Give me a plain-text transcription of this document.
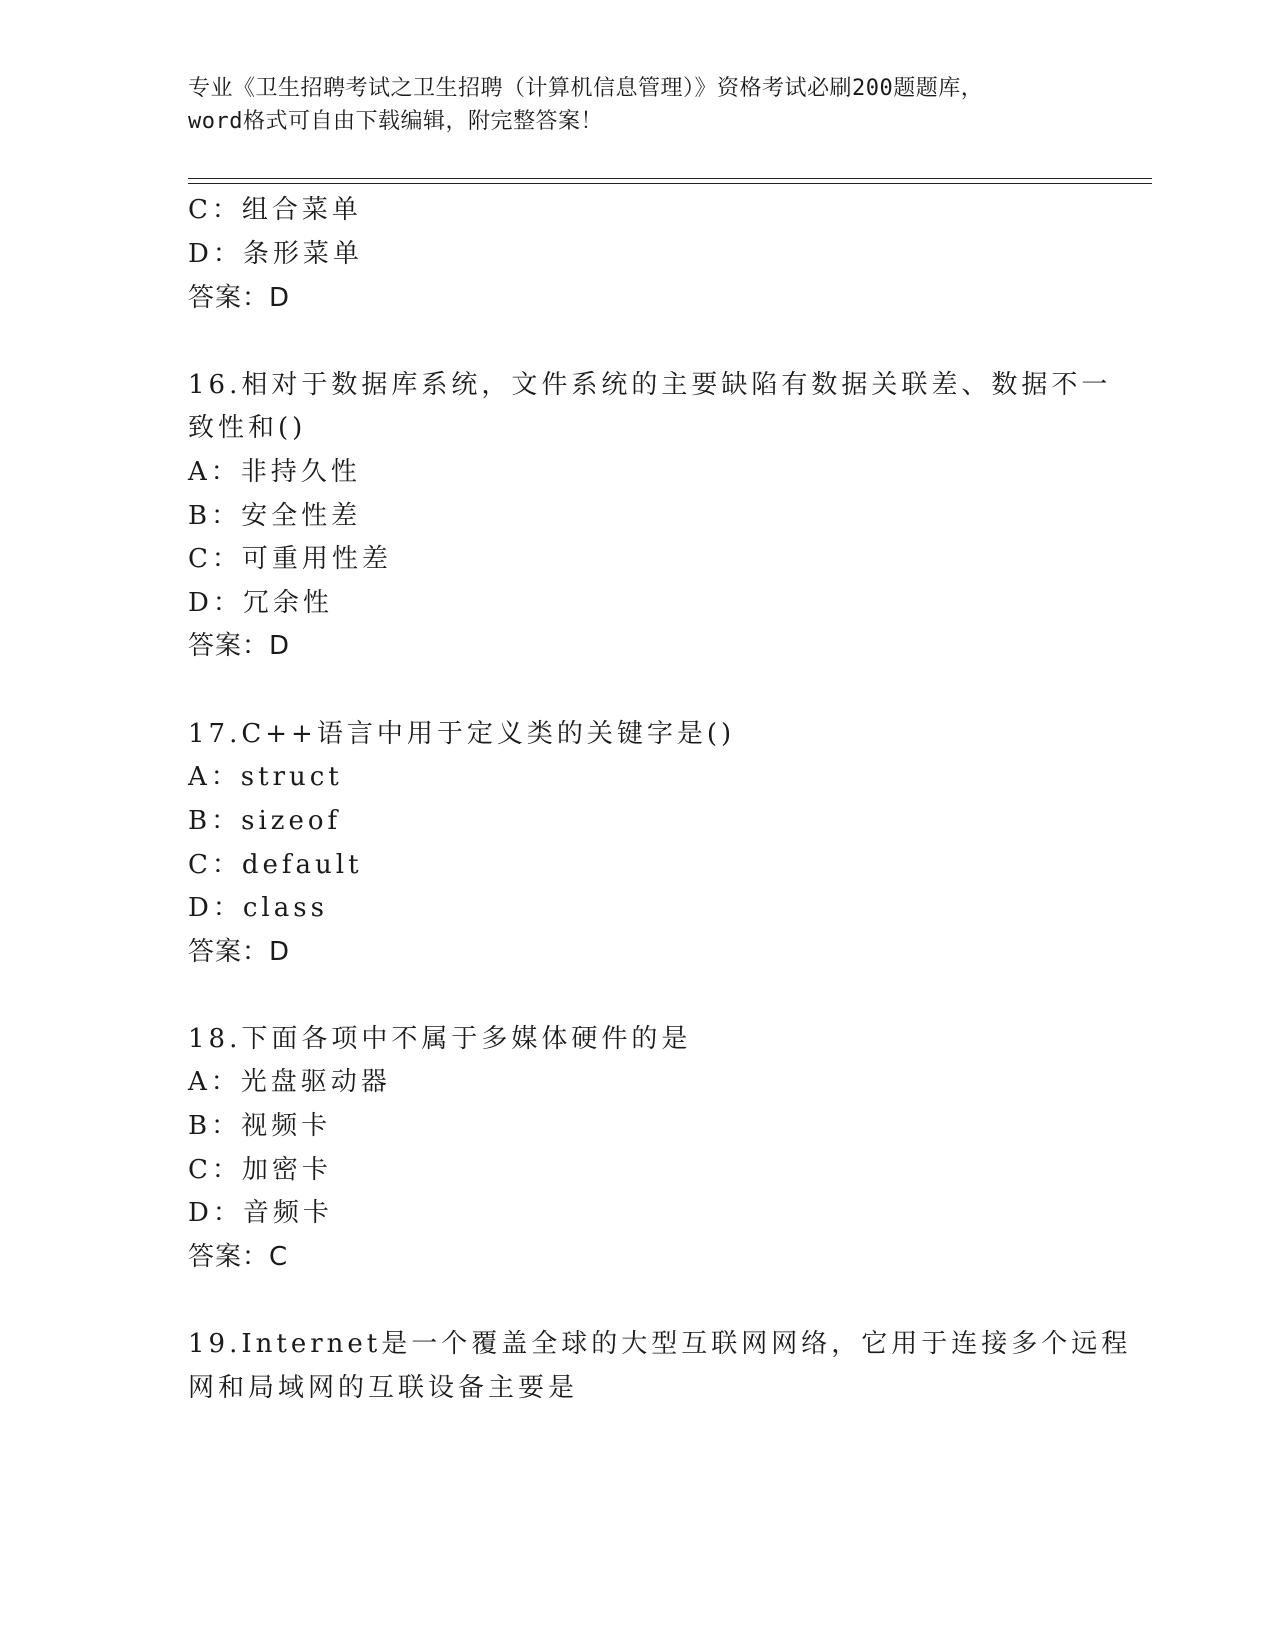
专业《卫生招聘考试之卫生招聘（计算机信息管理）》资格考试必刷200题题库，
word格式可自由下载编辑，附完整答案！
C：组合菜单
D：条形菜单
答案：D
16.相对于数据库系统，文件系统的主要缺陷有数据关联差、数据不一
致性和()
A：非持久性
B：安全性差
C：可重用性差
D：冗余性
答案：D
17.C++语言中用于定义类的关键字是()
A：struct
B：sizeof
C：default
D：class
答案：D
18.下面各项中不属于多媒体硬件的是
A：光盘驱动器
B：视频卡
C：加密卡
D：音频卡
答案：C
19.Internet是一个覆盖全球的大型互联网网络，它用于连接多个远程
网和局域网的互联设备主要是
